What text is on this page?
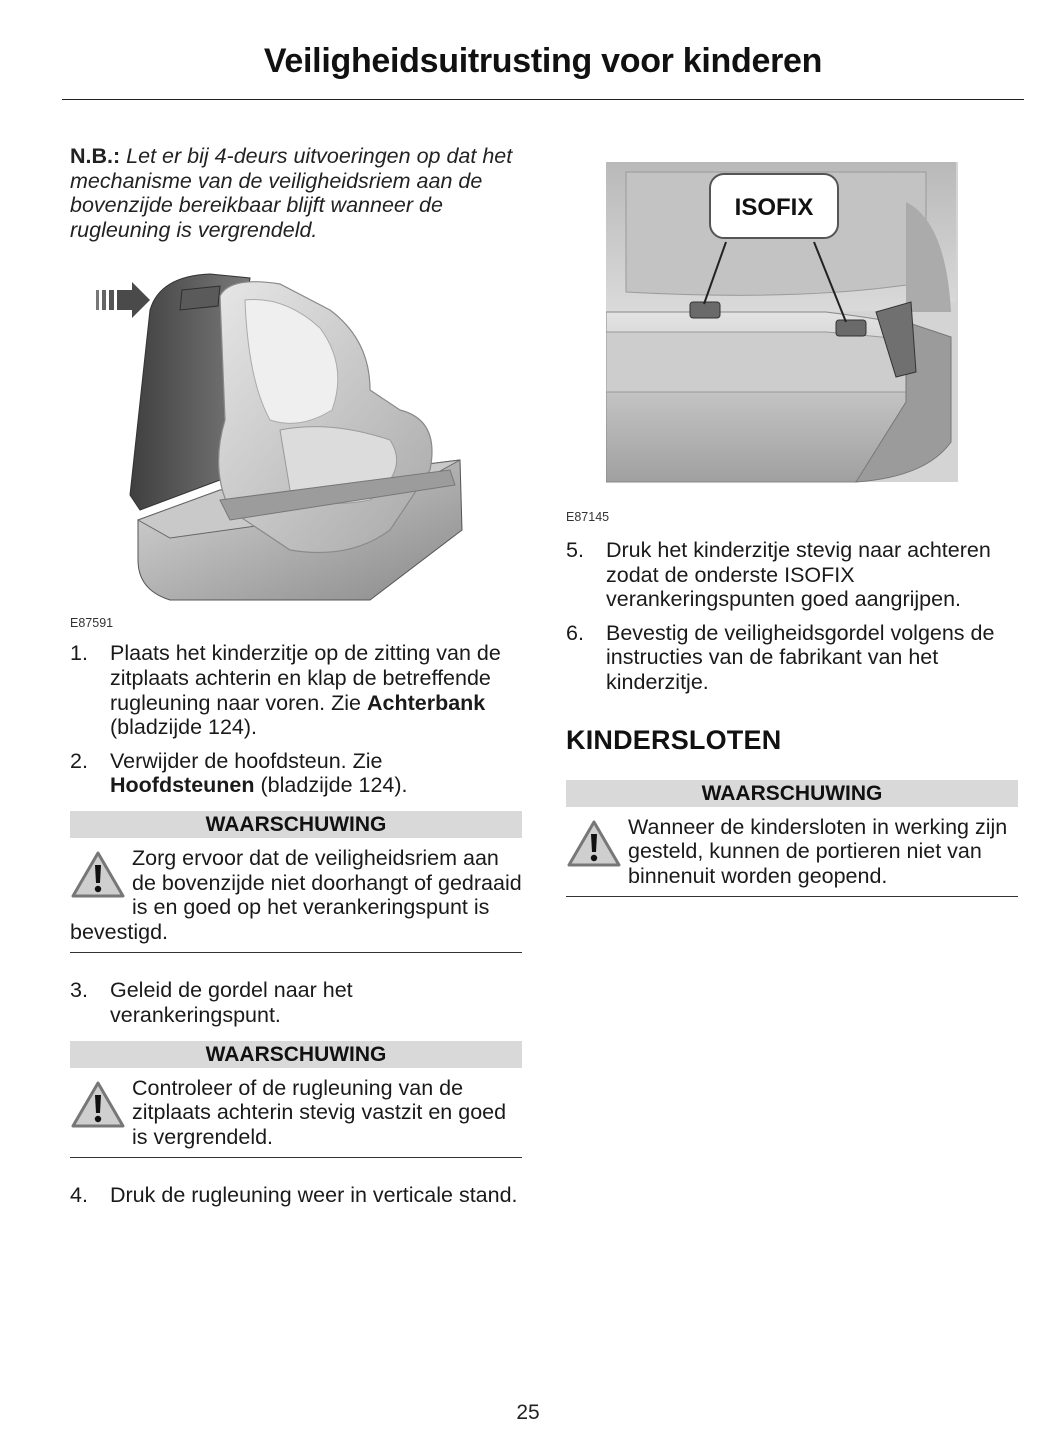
Veiligheidsuitrusting voor kinderen

N.B.: Let er bij 4-deurs uitvoeringen op dat het mechanisme van de veiligheidsriem aan de bovenzijde bereikbaar blijft wanneer de rugleuning is vergrendeld.

E87591
1. Plaats het kinderzitje op de zitting van de zitplaats achterin en klap de betreffende rugleuning naar voren. Zie Achterbank (bladzijde 124).
2. Verwijder de hoofdsteun. Zie Hoofdsteunen (bladzijde 124).
WAARSCHUWING
Zorg ervoor dat de veiligheidsriem aan de bovenzijde niet doorhangt of gedraaid is en goed op het verankeringspunt is bevestigd.
3. Geleid de gordel naar het verankeringspunt.
WAARSCHUWING
Controleer of de rugleuning van de zitplaats achterin stevig vastzit en goed is vergrendeld.
4. Druk de rugleuning weer in verticale stand.
ISOFIX
E87145
5. Druk het kinderzitje stevig naar achteren zodat de onderste ISOFIX verankeringspunten goed aangrijpen.
6. Bevestig de veiligheidsgordel volgens de instructies van de fabrikant van het kinderzitje.
KINDERSLOTEN
WAARSCHUWING
Wanneer de kindersloten in werking zijn gesteld, kunnen de portieren niet van binnenuit worden geopend.
25
